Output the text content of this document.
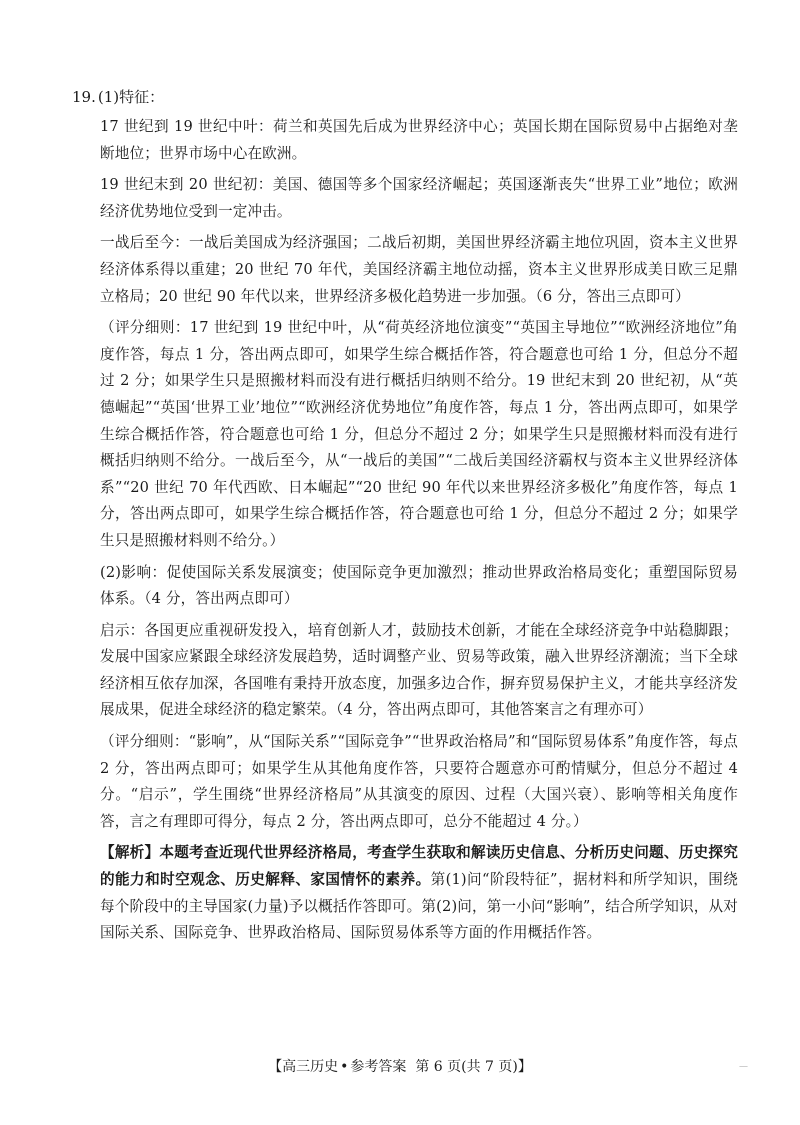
19. (1)特征：

17 世纪到 19 世纪中叶：荷兰和英国先后成为世界经济中心；英国长期在国际贸易中占据绝对垄断地位；世界市场中心在欧洲。

19 世纪末到 20 世纪初：美国、德国等多个国家经济崛起；英国逐渐丧失“世界工业”地位；欧洲经济优势地位受到一定冲击。

一战后至今：一战后美国成为经济强国；二战后初期，美国世界经济霸主地位巩固，资本主义世界经济体系得以重建；20 世纪 70 年代，美国经济霸主地位动摇，资本主义世界形成美日欧三足鼎立格局；20 世纪 90 年代以来，世界经济多极化趋势进一步加强。（6 分，答出三点即可）

（评分细则：17 世纪到 19 世纪中叶，从“荷英经济地位演变”“英国主导地位”“欧洲经济地位”角度作答，每点 1 分，答出两点即可，如果学生综合概括作答，符合题意也可给 1 分，但总分不超过 2 分；如果学生只是照搬材料而没有进行概括归纳则不给分。19 世纪末到 20 世纪初，从“英德崛起”“英国‘世界工业’地位”“欧洲经济优势地位”角度作答，每点 1 分，答出两点即可，如果学生综合概括作答，符合题意也可给 1 分，但总分不超过 2 分；如果学生只是照搬材料而没有进行概括归纳则不给分。一战后至今，从“一战后的美国”“二战后美国经济霸权与资本主义世界经济体系”“20 世纪 70 年代西欧、日本崛起”“20 世纪 90 年代以来世界经济多极化”角度作答，每点 1 分，答出两点即可，如果学生综合概括作答，符合题意也可给 1 分，但总分不超过 2 分；如果学生只是照搬材料则不给分。）

(2)影响：促使国际关系发展演变；使国际竞争更加激烈；推动世界政治格局变化；重塑国际贸易体系。（4 分，答出两点即可）

启示：各国更应重视研发投入，培育创新人才，鼓励技术创新，才能在全球经济竞争中站稳脚跟；发展中国家应紧跟全球经济发展趋势，适时调整产业、贸易等政策，融入世界经济潮流；当下全球经济相互依存加深，各国唯有秉持开放态度，加强多边合作，摒弃贸易保护主义，才能共享经济发展成果，促进全球经济的稳定繁荣。（4 分，答出两点即可，其他答案言之有理亦可）

（评分细则：“影响”，从“国际关系”“国际竞争”“世界政治格局”和“国际贸易体系”角度作答，每点 2 分，答出两点即可；如果学生从其他角度作答，只要符合题意亦可酌情赋分，但总分不超过 4 分。“启示”，学生围绕“世界经济格局”从其演变的原因、过程（大国兴衰）、影响等相关角度作答，言之有理即可得分，每点 2 分，答出两点即可，总分不能超过 4 分。）

【解析】本题考查近现代世界经济格局，考查学生获取和解读历史信息、分析历史问题、历史探究的能力和时空观念、历史解释、家国情怀的素养。第(1)问“阶段特征”，据材料和所学知识，围绕每个阶段中的主导国家(力量)予以概括作答即可。第(2)问，第一小问“影响”，结合所学知识，从对国际关系、国际竞争、世界政治格局、国际贸易体系等方面的作用概括作答。

【高三历史 • 参考答案 第 6 页(共 7 页)】	—
